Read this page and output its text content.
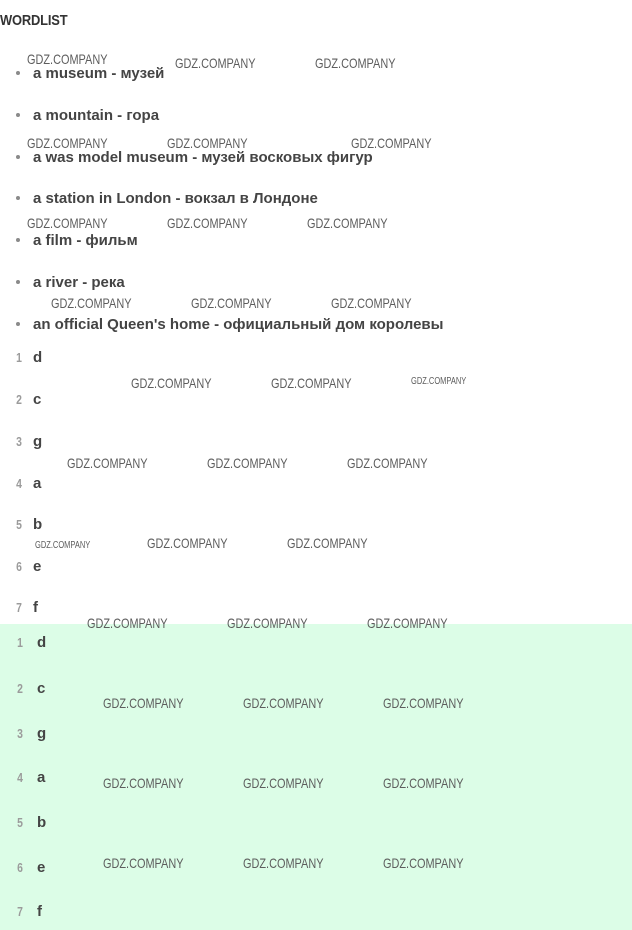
WORDLIST
a museum - музей
a mountain - гора
a was model museum - музей восковых фигур
a station in London - вокзал в Лондоне
a film - фильм
a river - река
an official Queen's home - официальный дом королевы
1 d
2 c
3 g
4 a
5 b
6 e
7 f
1 d
2 c
3 g
4 a
5 b
6 e
7 f
GDZ.COMPANY	GDZ.COMPANY	GDZ.COMPANY
GDZ.COMPANY	GDZ.COMPANY	GDZ.COMPANY
GDZ.COMPANY	GDZ.COMPANY	GDZ.COMPANY
GDZ.COMPANY	GDZ.COMPANY	GDZ.COMPANY
GDZ.COMPANY	GDZ.COMPANY	GDZ.COMPANY
GDZ.COMPANY	GDZ.COMPANY	GDZ.COMPANY
GDZ.COMPANY	GDZ.COMPANY	GDZ.COMPANY
GDZ.COMPANY	GDZ.COMPANY	GDZ.COMPANY
GDZ.COMPANY	GDZ.COMPANY	GDZ.COMPANY
GDZ.COMPANY	GDZ.COMPANY	GDZ.COMPANY
GDZ.COMPANY	GDZ.COMPANY	GDZ.COMPANY
